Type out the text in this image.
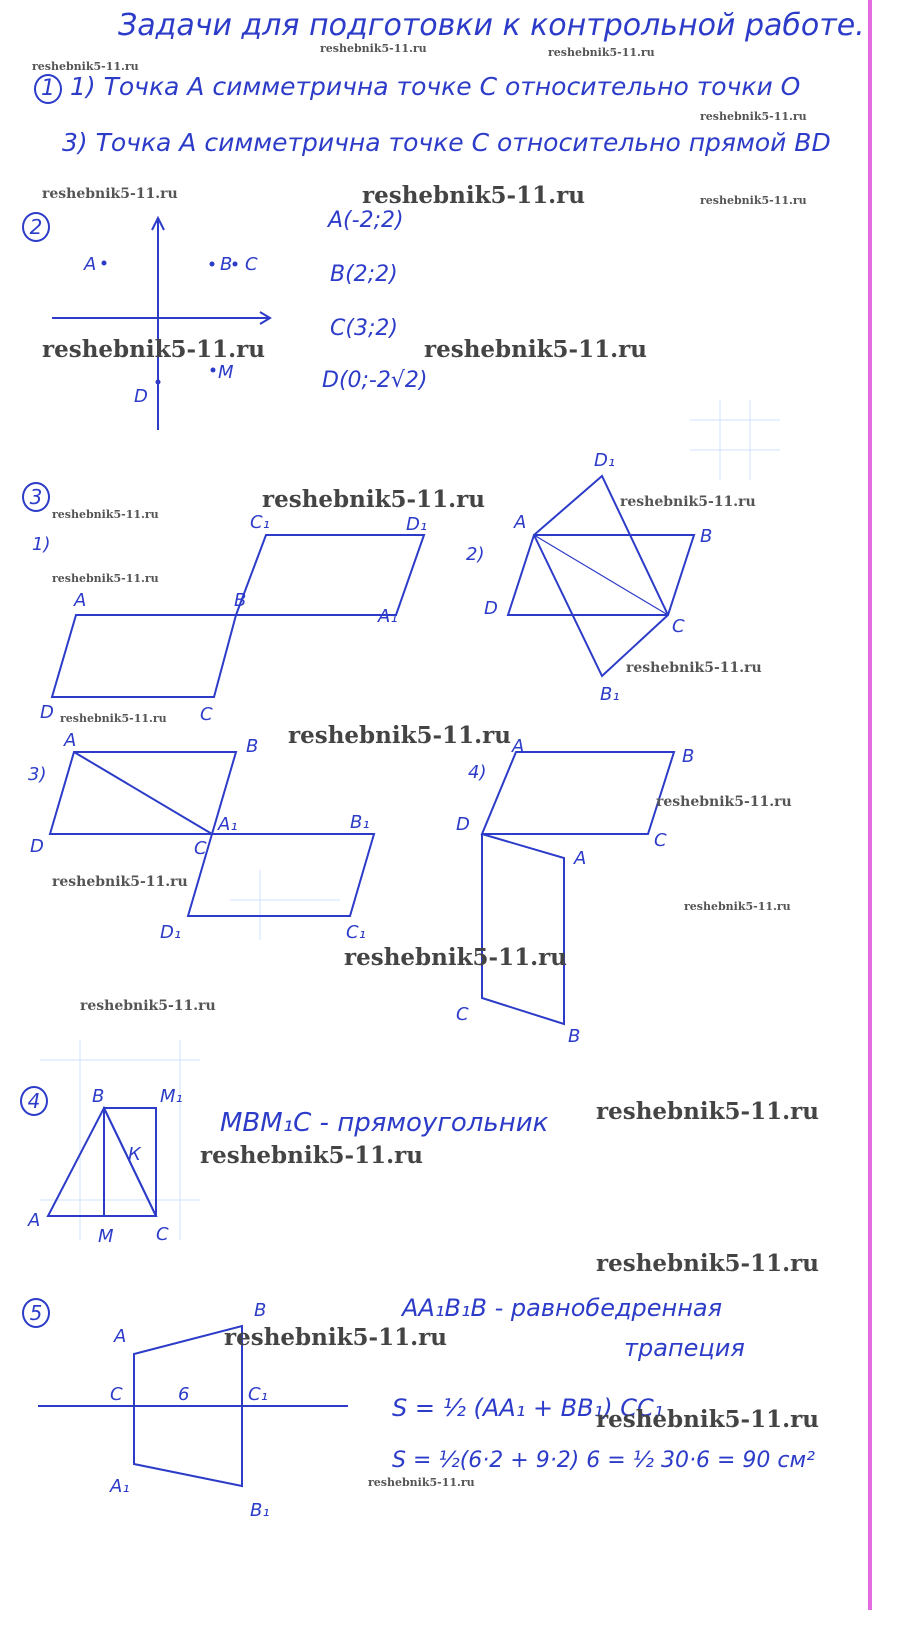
Задачи для подготовки к контрольной работе.
1 1) Точка А симметрична точке С относительно точки О
3) Точка А симметрична точке С относительно прямой ВD
2	А(-2;2)
В(2;2)
С(3;2)
D(0;-2√2)
3
4
МВМ₁С - прямоугольник
5	АА₁В₁В - равнобедренная
трапеция
S = ½ (АА₁ + ВВ₁) СС₁
S = ½(6·2 + 9·2) 6 = ½ 30·6 = 90 см²
А	В С
D
М
1)
А	В
С
D
А₁
С₁	D₁
2)
А
В
С
D
D₁
В₁
3)
А	В
С
D
А₁	В₁
С₁
D₁
4)
А	В
С
D
А
В
С
В	М₁
К
А
М С
А
В
С	С₁
6
А₁
В₁
reshebnik5-11.ru
reshebnik5-11.ru	reshebnik5-11.ru
reshebnik5-11.ru
reshebnik5-11.ru	reshebnik5-11.ru	reshebnik5-11.ru
reshebnik5-11.ru	reshebnik5-11.ru
reshebnik5-11.ru	reshebnik5-11.ru
reshebnik5-11.ru
reshebnik5-11.ru
reshebnik5-11.ru
reshebnik5-11.ru
reshebnik5-11.ru
reshebnik5-11.ru
reshebnik5-11.ru
reshebnik5-11.ru
reshebnik5-11.ru
reshebnik5-11.ru
reshebnik5-11.ru
reshebnik5-11.ru
reshebnik5-11.ru
reshebnik5-11.ru
reshebnik5-11.ru
reshebnik5-11.ru
